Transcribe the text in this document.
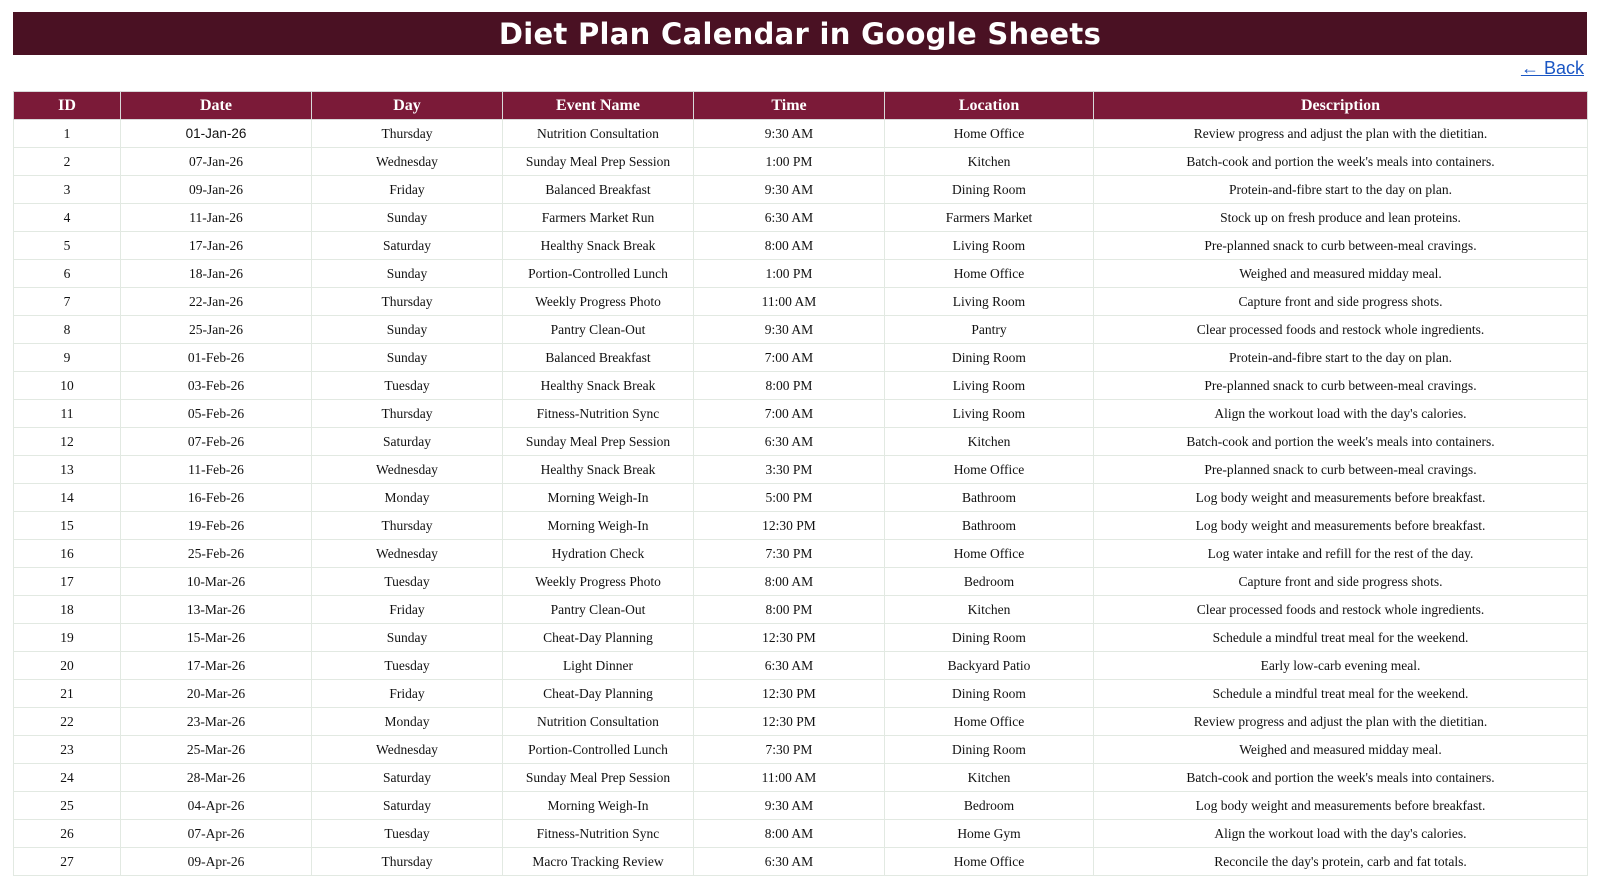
Diet Plan Calendar in Google Sheets
← Back
ID	Date	Day	Event Name	Time	Location	Description
1	01-Jan-26	Thursday	Nutrition Consultation	9:30 AM	Home Office	Review progress and adjust the plan with the dietitian.
2	07-Jan-26	Wednesday	Sunday Meal Prep Session	1:00 PM	Kitchen	Batch-cook and portion the week's meals into containers.
3	09-Jan-26	Friday	Balanced Breakfast	9:30 AM	Dining Room	Protein-and-fibre start to the day on plan.
4	11-Jan-26	Sunday	Farmers Market Run	6:30 AM	Farmers Market	Stock up on fresh produce and lean proteins.
5	17-Jan-26	Saturday	Healthy Snack Break	8:00 AM	Living Room	Pre-planned snack to curb between-meal cravings.
6	18-Jan-26	Sunday	Portion-Controlled Lunch	1:00 PM	Home Office	Weighed and measured midday meal.
7	22-Jan-26	Thursday	Weekly Progress Photo	11:00 AM	Living Room	Capture front and side progress shots.
8	25-Jan-26	Sunday	Pantry Clean-Out	9:30 AM	Pantry	Clear processed foods and restock whole ingredients.
9	01-Feb-26	Sunday	Balanced Breakfast	7:00 AM	Dining Room	Protein-and-fibre start to the day on plan.
10	03-Feb-26	Tuesday	Healthy Snack Break	8:00 PM	Living Room	Pre-planned snack to curb between-meal cravings.
11	05-Feb-26	Thursday	Fitness-Nutrition Sync	7:00 AM	Living Room	Align the workout load with the day's calories.
12	07-Feb-26	Saturday	Sunday Meal Prep Session	6:30 AM	Kitchen	Batch-cook and portion the week's meals into containers.
13	11-Feb-26	Wednesday	Healthy Snack Break	3:30 PM	Home Office	Pre-planned snack to curb between-meal cravings.
14	16-Feb-26	Monday	Morning Weigh-In	5:00 PM	Bathroom	Log body weight and measurements before breakfast.
15	19-Feb-26	Thursday	Morning Weigh-In	12:30 PM	Bathroom	Log body weight and measurements before breakfast.
16	25-Feb-26	Wednesday	Hydration Check	7:30 PM	Home Office	Log water intake and refill for the rest of the day.
17	10-Mar-26	Tuesday	Weekly Progress Photo	8:00 AM	Bedroom	Capture front and side progress shots.
18	13-Mar-26	Friday	Pantry Clean-Out	8:00 PM	Kitchen	Clear processed foods and restock whole ingredients.
19	15-Mar-26	Sunday	Cheat-Day Planning	12:30 PM	Dining Room	Schedule a mindful treat meal for the weekend.
20	17-Mar-26	Tuesday	Light Dinner	6:30 AM	Backyard Patio	Early low-carb evening meal.
21	20-Mar-26	Friday	Cheat-Day Planning	12:30 PM	Dining Room	Schedule a mindful treat meal for the weekend.
22	23-Mar-26	Monday	Nutrition Consultation	12:30 PM	Home Office	Review progress and adjust the plan with the dietitian.
23	25-Mar-26	Wednesday	Portion-Controlled Lunch	7:30 PM	Dining Room	Weighed and measured midday meal.
24	28-Mar-26	Saturday	Sunday Meal Prep Session	11:00 AM	Kitchen	Batch-cook and portion the week's meals into containers.
25	04-Apr-26	Saturday	Morning Weigh-In	9:30 AM	Bedroom	Log body weight and measurements before breakfast.
26	07-Apr-26	Tuesday	Fitness-Nutrition Sync	8:00 AM	Home Gym	Align the workout load with the day's calories.
27	09-Apr-26	Thursday	Macro Tracking Review	6:30 AM	Home Office	Reconcile the day's protein, carb and fat totals.
